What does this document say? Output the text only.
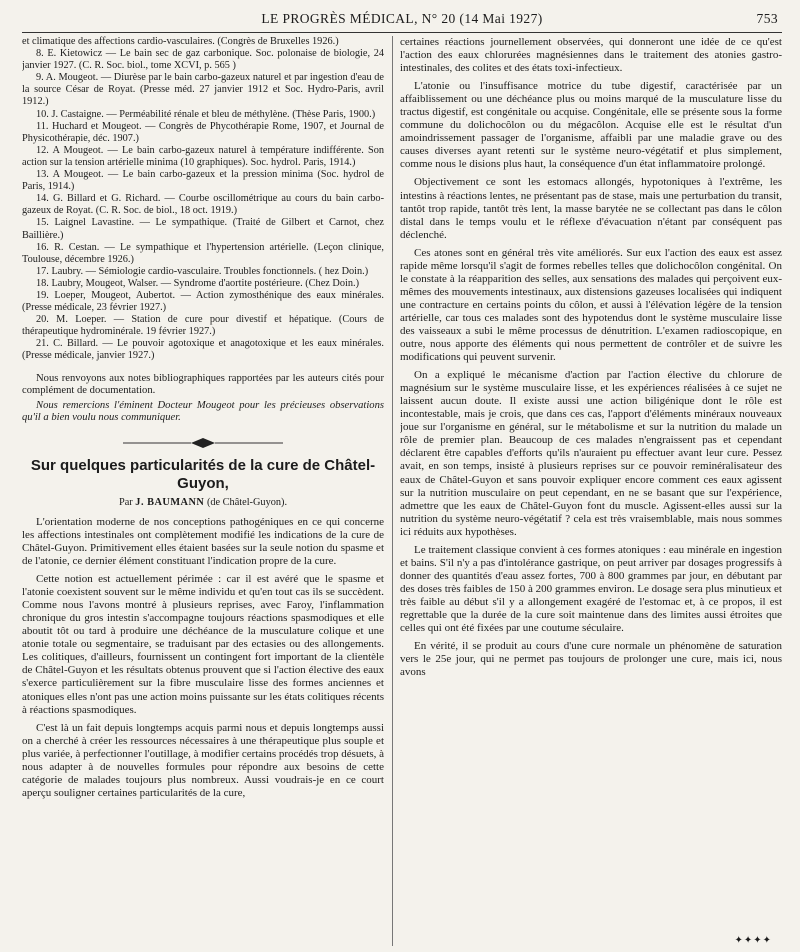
LE PROGRÈS MÉDICAL, N° 20 (14 Mai 1927)	753

et climatique des affections cardio-vasculaires. (Congrès de Bruxelles 1926.)

8. E. Kietowicz — Le bain sec de gaz carbonique. Soc. polonaise de biologie, 24 janvier 1927. (C. R. Soc. biol., tome XCVI, p. 565 )

9. A. Mougeot. — Diurèse par le bain carbo-gazeux naturel et par ingestion d'eau de la source César de Royat. (Presse méd. 27 janvier 1912 et Soc. Hydro-Paris, avril 1912.)

10. J. Castaigne. — Perméabilité rénale et bleu de méthylène. (Thèse Paris, 1900.)

11. Huchard et Mougeot. — Congrès de Phycothérapie Rome, 1907, et Journal de Physicothérapie, déc. 1907.)

12. A Mougeot. — Le bain carbo-gazeux naturel à température indifférente. Son action sur la tension artérielle minima (10 graphiques). Soc. hydrol. Paris, 1914.)

13. A Mougeot. — Le bain carbo-gazeux et la pression minima (Soc. hydrol de Paris, 1914.)

14. G. Billard et G. Richard. — Courbe oscillométrique au cours du bain carbo-gazeux de Royat. (C. R. Soc. de biol., 18 oct. 1919.)

15. Laignel Lavastine. — Le sympathique. (Traité de Gilbert et Carnot, chez Baillière.)

16. R. Cestan. — Le sympathique et l'hypertension artérielle. (Leçon clinique, Toulouse, décembre 1926.)

17. Laubry. — Sémiologie cardio-vasculaire. Troubles fonctionnels. ( hez Doin.)

18. Laubry, Mougeot, Walser. — Syndrome d'aortite postérieure. (Chez Doin.)

19. Loeper, Mougeot, Aubertot. — Action zymosthénique des eaux minérales. (Presse médicale, 23 février 1927.)

20. M. Loeper. — Station de cure pour divestif et hépatique. (Cours de thérapeutique hydrominérale. 19 février 1927.)

21. C. Billard. — Le pouvoir agotoxique et anagotoxique et les eaux minérales. (Presse médicale, janvier 1927.)

Nous renvoyons aux notes bibliographiques rapportées par les auteurs cités pour complément de documentation.

Nous remercions l'éminent Docteur Mougeot pour les précieuses observations qu'il a bien voulu nous communiquer.

Sur quelques particularités de la cure de Châtel-Guyon,

Par J. BAUMANN (de Châtel-Guyon).

L'orientation moderne de nos conceptions pathogéniques en ce qui concerne les affections intestinales ont complètement modifié les indications de la cure de Châtel-Guyon. Primitivement elles étaient basées sur la seule notion du spasme et de l'atonie, ce dernier élément constituant l'indication propre de la cure.

Cette notion est actuellement périmée : car il est avéré que le spasme et l'atonie coexistent souvent sur le même individu et qu'en tout cas ils se succèdent. Comme nous l'avons montré à plusieurs reprises, avec Faroy, l'inflammation chronique du gros intestin s'accompagne toujours réactions spasmodiques et elle aboutit tôt ou tard à produire une déchéance de la musculature colique et une atonie totale ou segmentaire, se traduisant par des ectasies ou des allongements. Les colitiques, d'ailleurs, fournissent un contingent fort important de la clientèle de Châtel-Guyon et les résultats obtenus prouvent que si l'action élective des eaux s'exerce particulièrement sur la fibre musculaire lisse des formes anciennes et atoniques elles n'ont pas une action moins puissante sur les états colitiques récents à réactions spasmodiques.

C'est là un fait depuis longtemps acquis parmi nous et depuis longtemps aussi on a cherché à créer les ressources nécessaires à une thérapeutique plus souple et plus variée, à perfectionner l'outillage, à modifier certains procédés trop désuets, à nous adapter à de nouvelles formules pour répondre aux besoins de cette catégorie de malades toujours plus nombreux. Aussi voudrais-je en ce court aperçu souligner certaines particularités de la cure,

certaines réactions journellement observées, qui donneront une idée de ce qu'est l'action des eaux chlorurées magnésiennes dans le traitement des atonies gastro-intestinales, des colites et des états toxi-infectieux.

L'atonie ou l'insuffisance motrice du tube digestif, caractérisée par un affaiblissement ou une déchéance plus ou moins marqué de la musculature lisse du tractus digestif, est congénitale ou acquise. Congénitale, elle se présente sous la forme commune du dolichocôlon ou du mégacôlon. Acquise elle est le résultat d'un amoindrissement passager de l'organisme, affaibli par une maladie grave ou des causes diverses ayant retenti sur le système neuro-végétatif et plus simplement, comme nous le disions plus haut, la conséquence d'un état inflammatoire prolongé.

Objectivement ce sont les estomacs allongés, hypotoniques à l'extrême, les intestins à réactions lentes, ne présentant pas de stase, mais une perturbation du transit, tantôt trop rapide, tantôt très lent, la masse barytée ne se collectant pas dans le côlon distal dans le temps voulu et le réflexe d'évacuation n'étant par conséquent pas déclenché.

Ces atones sont en général très vite améliorés. Sur eux l'action des eaux est assez rapide même lorsqu'il s'agit de formes rebelles telles que dolichocôlon congénital. On le constate à la réapparition des selles, aux sensations des malades qui perçoivent eux-mêmes des mouvements intestinaux, aux distensions gazeuses localisées qui indiquent une contracture en certains points du côlon, et aussi à l'élévation légère de la tension artérielle, car tous ces malades sont des hypotendus dont le système musculaire lisse des vaisseaux a subi le même processus de dénutrition. L'examen radioscopique, en outre, nous apporte des éléments qui nous permettent de contrôler et de suivre les modifications qui peuvent survenir.

On a expliqué le mécanisme d'action par l'action élective du chlorure de magnésium sur le système musculaire lisse, et les expériences réalisées à ce sujet ne laissent aucun doute. Il existe aussi une action biligénique dont le rôle est incontestable, mais je crois, que dans ces cas, l'apport d'éléments minéraux nouveaux joue sur l'organisme en général, sur le métabolisme et sur la nutrition du malade un rôle de premier plan. Beaucoup de ces malades n'engraissent pas et cependant déclarent être capables d'efforts qu'ils n'auraient pu effectuer avant leur cure. Pessez avait, en son temps, insisté à plusieurs reprises sur ce pouvoir reminéralisateur des eaux de Châtel-Guyon et sans pouvoir expliquer encore comment ces eaux agissent sur la nutrition musculaire on peut cependant, en ne se basant que sur l'expérience, admettre que les eaux de Châtel-Guyon font du muscle. Agissent-elles aussi sur la nutrition du système neuro-végétatif ? cela est très vraisemblable, mais nous sommes ici réduits aux hypothèses.

Le traitement classique convient à ces formes atoniques : eau minérale en ingestion et bains. S'il n'y a pas d'intolérance gastrique, on peut arriver par dosages progressifs à donner des quantités d'eau assez fortes, 700 à 800 grammes par jour, en débutant par des doses très faibles de 150 à 200 grammes environ. Le dosage sera plus minutieux et très faible au début s'il y a allongement exagéré de l'estomac et, à ce propos, il est regrettable que la durée de la cure soit maintenue dans des limites aussi étroites que celles qui ont été fixées par une coutume séculaire.

En vérité, il se produit au cours d'une cure normale un phénomène de saturation vers le 25e jour, qui ne permet pas toujours de prolonger une cure, mais ici, nous avons

✦✦✦✦
